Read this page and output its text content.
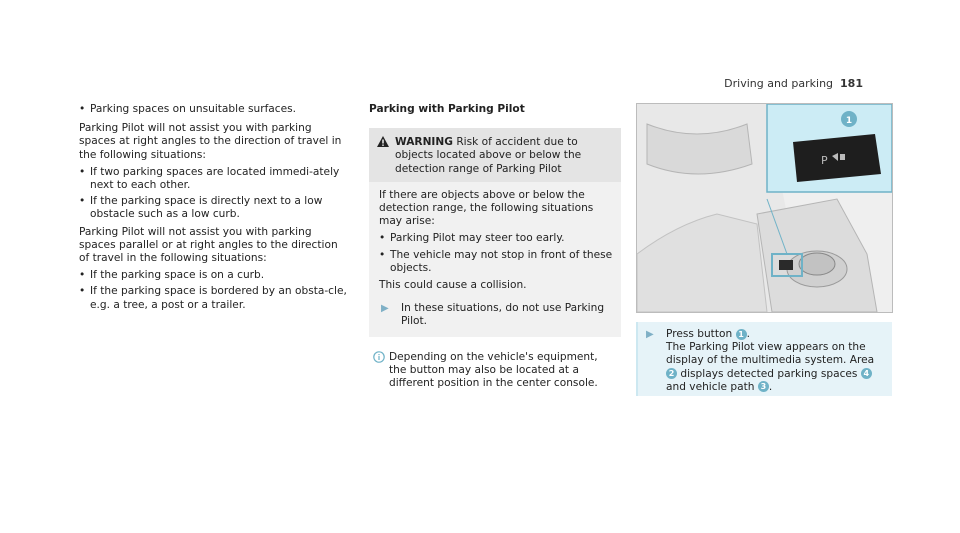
Driving and parking 181
• Parking spaces on unsuitable surfaces.

Parking Pilot will not assist you with parking spaces at right angles to the direction of travel in the following situations:

• If two parking spaces are located immedi-ately next to each other.
• If the parking space is directly next to a low obstacle such as a low curb.

Parking Pilot will not assist you with parking spaces parallel or at right angles to the direction of travel in the following situations:

• If the parking space is on a curb.
• If the parking space is bordered by an obsta-cle, e.g. a tree, a post or a trailer.
Parking with Parking Pilot
WARNING Risk of accident due to objects located above or below the detection range of Parking Pilot

If there are objects above or below the detection range, the following situations may arise:

• Parking Pilot may steer too early.
• The vehicle may not stop in front of these objects.

This could cause a collision.

▶	In these situations, do not use Parking Pilot.
Depending on the vehicle's equipment, the button may also be located at a different position in the center console.
P
1
▶	Press button 1 .
The Parking Pilot view appears on the display of the multimedia system. Area 2 displays detected parking spaces 4 and vehicle path 3 .
